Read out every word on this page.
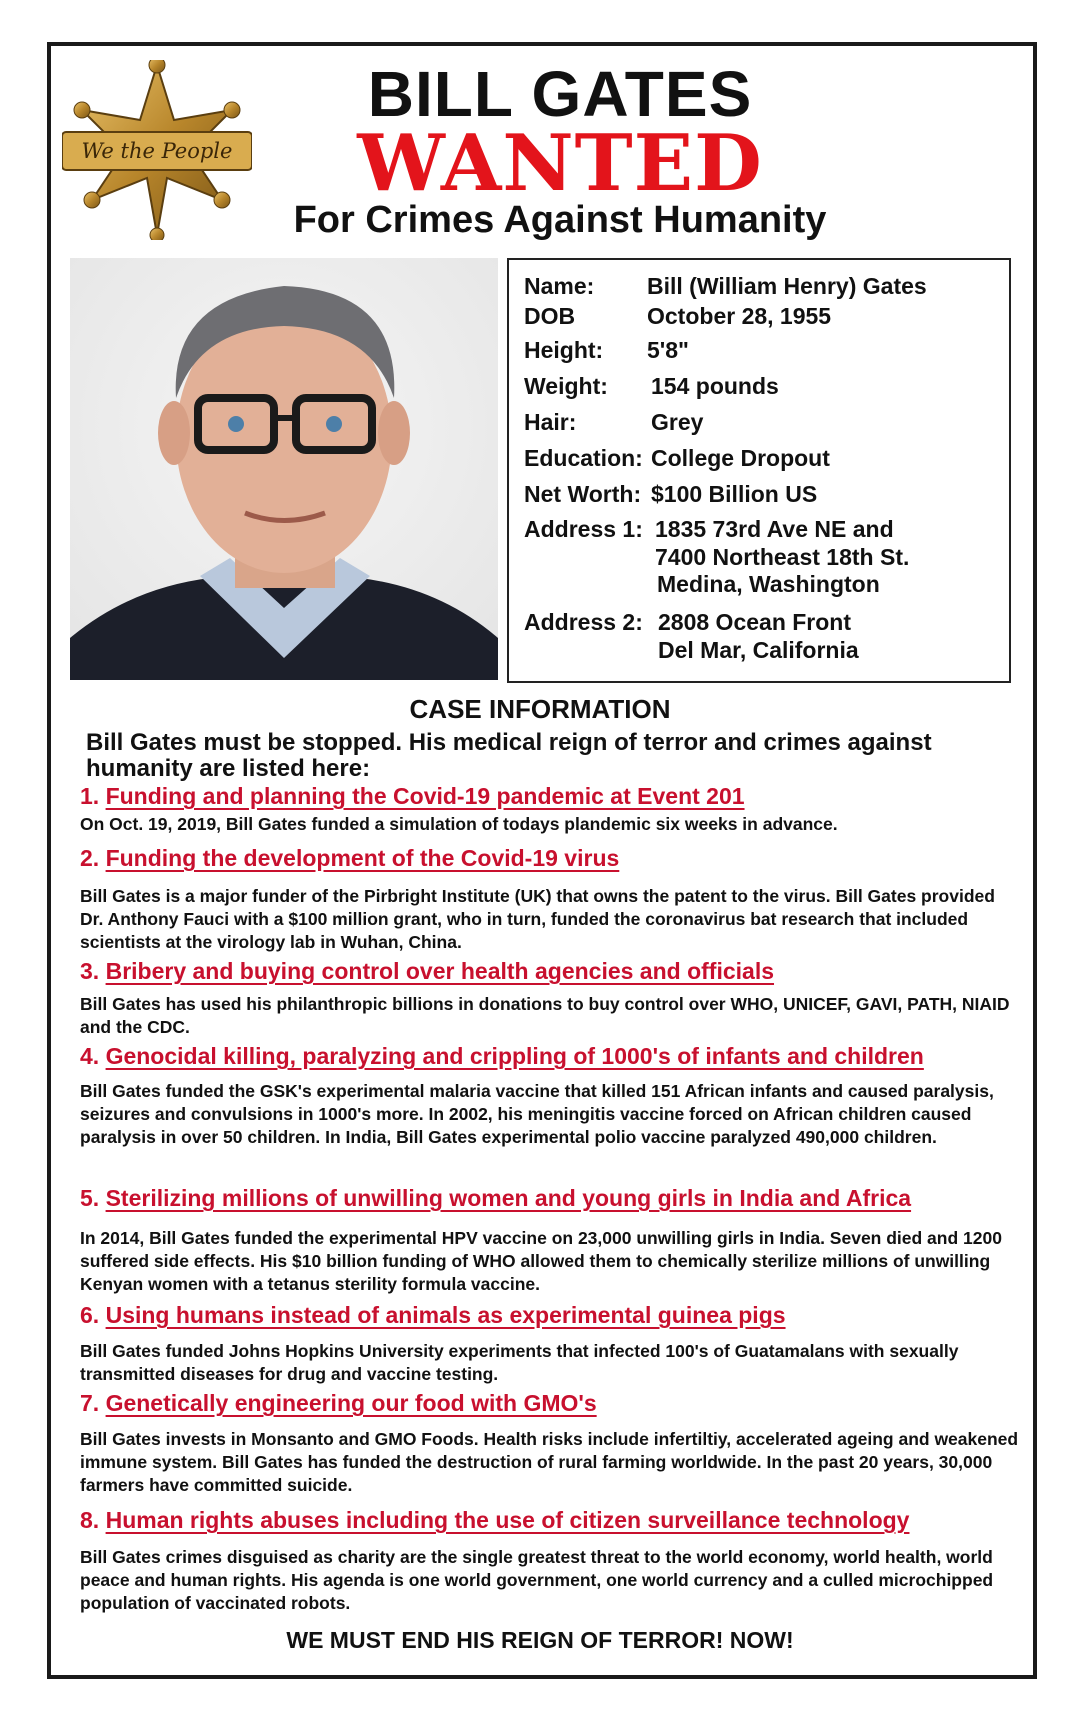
We the People
BILL GATES
WANTED
For Crimes Against Humanity
Name: Bill (William Henry) Gates
DOB	October 28, 1955
Height: 5'8"
Weight: 154 pounds
Hair:	Grey
Education: College Dropout
Net Worth: $100 Billion US
Address 1: 1835 73rd Ave NE and
7400 Northeast 18th St.
Medina, Washington
Address 2: 2808 Ocean Front
Del Mar, California
CASE INFORMATION
Bill Gates must be stopped. His medical reign of terror and crimes against humanity are listed here:
1. Funding and planning the Covid-19 pandemic at Event 201
On Oct. 19, 2019, Bill Gates funded a simulation of todays plandemic six weeks in advance.
2. Funding the development of the Covid-19 virus
Bill Gates is a major funder of the Pirbright Institute (UK) that owns the patent to the virus. Bill Gates provided Dr. Anthony Fauci with a $100 million grant, who in turn, funded the coronavirus bat research that included scientists at the virology lab in Wuhan, China.
3. Bribery and buying control over health agencies and officials
Bill Gates has used his philanthropic billions in donations to buy control over WHO, UNICEF, GAVI, PATH, NIAID and the CDC.
4. Genocidal killing, paralyzing and crippling of 1000's of infants and children
Bill Gates funded the GSK's experimental malaria vaccine that killed 151 African infants and caused paralysis, seizures and convulsions in 1000's more. In 2002, his meningitis vaccine forced on African children caused paralysis in over 50 children. In India, Bill Gates experimental polio vaccine paralyzed 490,000 children.
5. Sterilizing millions of unwilling women and young girls in India and Africa
In 2014, Bill Gates funded the experimental HPV vaccine on 23,000 unwilling girls in India. Seven died and 1200 suffered side effects. His $10 billion funding of WHO allowed them to chemically sterilize millions of unwilling Kenyan women with a tetanus sterility formula vaccine.
6. Using humans instead of animals as experimental guinea pigs
Bill Gates funded Johns Hopkins University experiments that infected 100's of Guatamalans with sexually transmitted diseases for drug and vaccine testing.
7. Genetically engineering our food with GMO's
Bill Gates invests in Monsanto and GMO Foods. Health risks include infertiltiy, accelerated ageing and weakened immune system. Bill Gates has funded the destruction of rural farming worldwide. In the past 20 years, 30,000 farmers have committed suicide.
8. Human rights abuses including the use of citizen surveillance technology
Bill Gates crimes disguised as charity are the single greatest threat to the world economy, world health, world peace and human rights. His agenda is one world government, one world currency and a culled microchipped population of vaccinated robots.
WE MUST END HIS REIGN OF TERROR! NOW!
